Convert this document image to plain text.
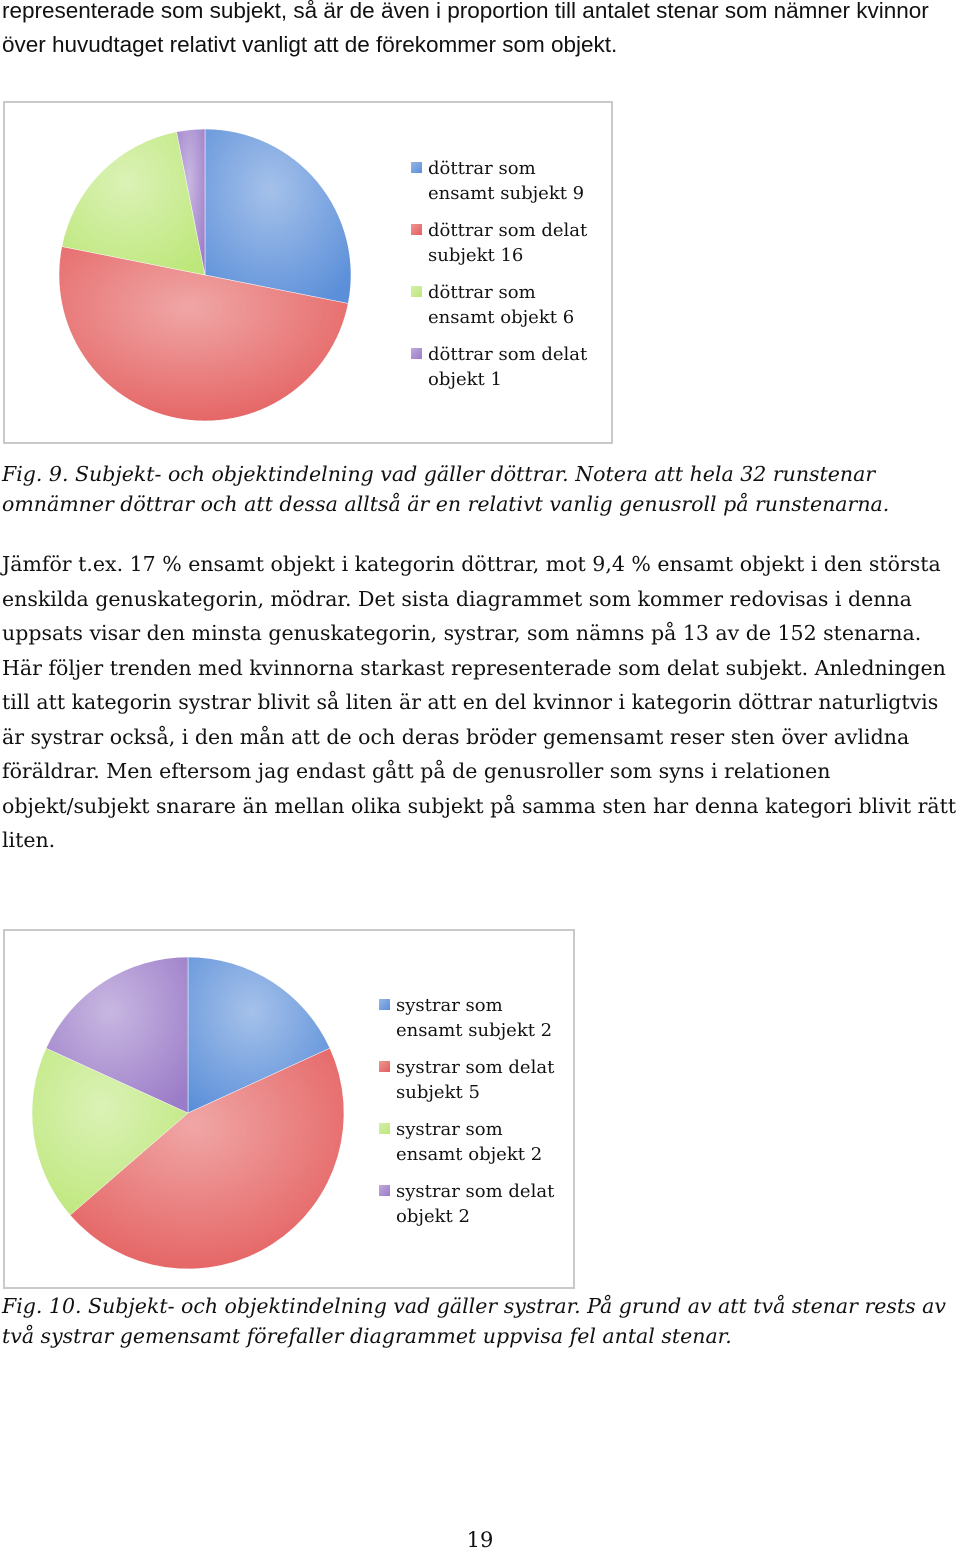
representerade som subjekt, så är de även i proportion till antalet stenar som nämner kvinnor över huvudtaget relativt vanligt att de förekommer som objekt.
döttrar som
ensamt subjekt 9
döttrar som delat
subjekt 16
döttrar som
ensamt objekt 6
döttrar som delat
objekt 1
Fig. 9. Subjekt- och objektindelning vad gäller döttrar. Notera att hela 32 runstenar omnämner döttrar och att dessa alltså är en relativt vanlig genusroll på runstenarna.
Jämför t.ex. 17 % ensamt objekt i kategorin döttrar, mot 9,4 % ensamt objekt i den största enskilda genuskategorin, mödrar. Det sista diagrammet som kommer redovisas i denna uppsats visar den minsta genuskategorin, systrar, som nämns på 13 av de 152 stenarna. Här följer trenden med kvinnorna starkast representerade som delat subjekt. Anledningen till att kategorin systrar blivit så liten är att en del kvinnor i kategorin döttrar naturligtvis är systrar också, i den mån att de och deras bröder gemensamt reser sten över avlidna föräldrar. Men eftersom jag endast gått på de genusroller som syns i relationen objekt/subjekt snarare än mellan olika subjekt på samma sten har denna kategori blivit rätt liten.
systrar som
ensamt subjekt 2
systrar som delat
subjekt 5
systrar som
ensamt objekt 2
systrar som delat
objekt 2
Fig. 10. Subjekt- och objektindelning vad gäller systrar. På grund av att två stenar rests av två systrar gemensamt förefaller diagrammet uppvisa fel antal stenar.
19
